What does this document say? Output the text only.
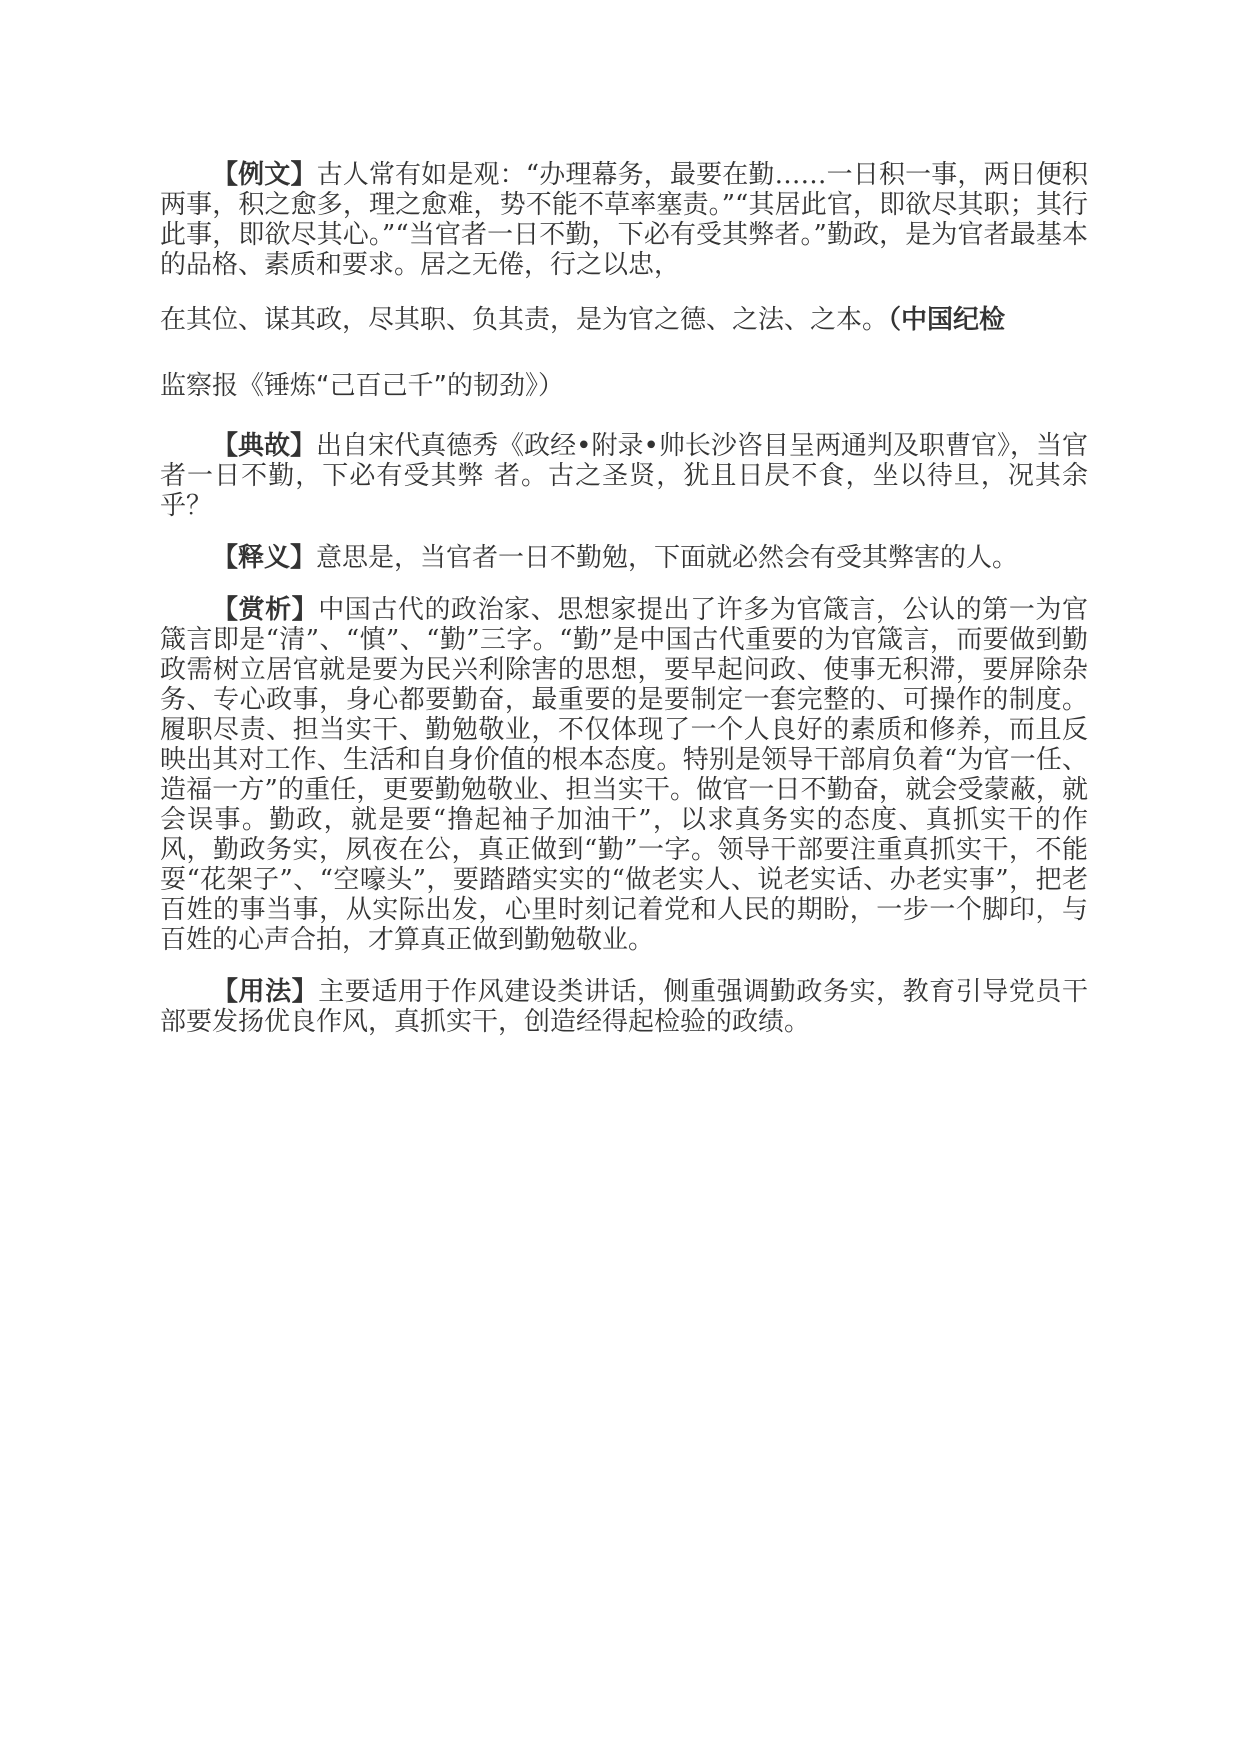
【例文】古人常有如是观：“办理幕务，最要在勤……一日积一事，两日便积两事，积之愈多，理之愈难，势不能不草率塞责。”“其居此官，即欲尽其职；其行此事，即欲尽其心。”“当官者一日不勤，下必有受其弊者。”勤政，是为官者最基本的品格、素质和要求。居之无倦，行之以忠，

在其位、谋其政，尽其职、负其责，是为官之德、之法、之本。（中国纪检

监察报《锤炼“己百己千”的韧劲》）

【典故】出自宋代真德秀《政经•附录•帅长沙咨目呈两通判及职曹官》，当官者一日不勤，下必有受其弊 者。古之圣贤，犹且日昃不食，坐以待旦，况其余乎？

【释义】意思是，当官者一日不勤勉，下面就必然会有受其弊害的人。

【赏析】中国古代的政治家、思想家提出了许多为官箴言，公认的第一为官箴言即是“清”、“慎”、“勤”三字。“勤”是中国古代重要的为官箴言，而要做到勤政需树立居官就是要为民兴利除害的思想，要早起问政、使事无积滞，要屏除杂务、专心政事，身心都要勤奋，最重要的是要制定一套完整的、可操作的制度。履职尽责、担当实干、勤勉敬业，不仅体现了一个人良好的素质和修养，而且反映出其对工作、生活和自身价值的根本态度。特别是领导干部肩负着“为官一任、造福一方”的重任，更要勤勉敬业、担当实干。做官一日不勤奋，就会受蒙蔽，就会误事。勤政，就是要“撸起袖子加油干”，以求真务实的态度、真抓实干的作风，勤政务实，夙夜在公，真正做到“勤”一字。领导干部要注重真抓实干，不能耍“花架子”、“空嚎头”，要踏踏实实的“做老实人、说老实话、办老实事”，把老百姓的事当事，从实际出发，心里时刻记着党和人民的期盼，一步一个脚印，与百姓的心声合拍，才算真正做到勤勉敬业。

【用法】主要适用于作风建设类讲话，侧重强调勤政务实，教育引导党员干部要发扬优良作风，真抓实干，创造经得起检验的政绩。
